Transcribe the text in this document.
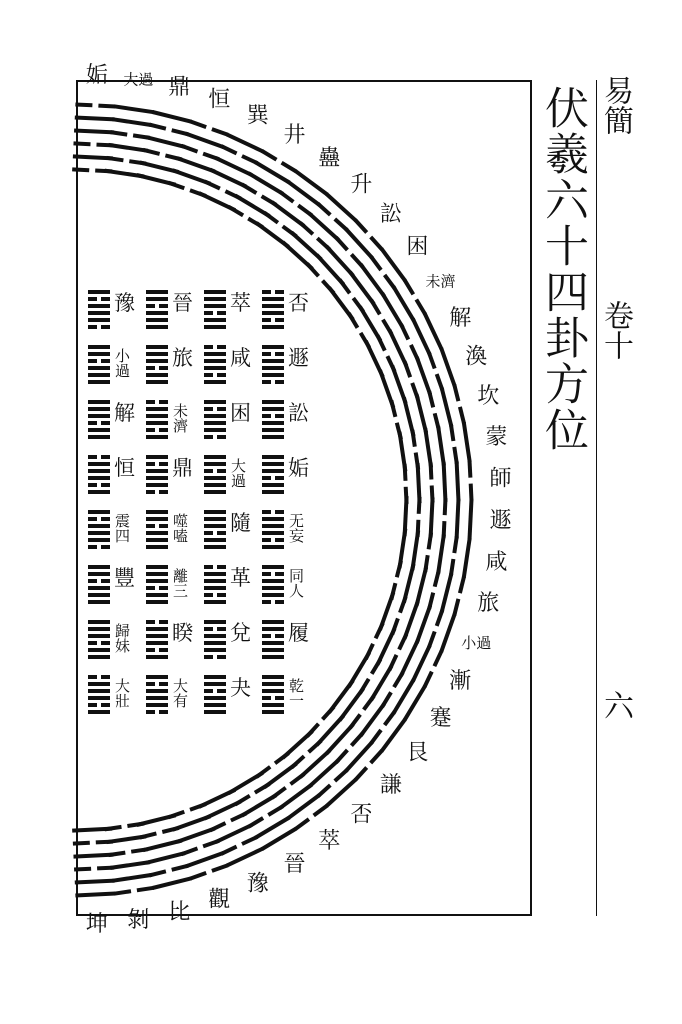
伏羲六十四卦方位 易簡
卷十
六
姤 大過 鼎 恒
巽
井
蠱
升
訟
困
未濟
解
渙
坎
蒙
師
遯
咸
旅
小過
漸
蹇
艮
謙
否
萃
晉
豫
觀
比
剝
坤
否
遯
訟
姤
无妄
同人
履
乾一
萃
咸
困
大過
隨
革
兌
夬
晉
旅
未濟
鼎
噬嗑
離三
睽
大有
豫
小過
解
恒
震四
豐
歸妹
大壯
